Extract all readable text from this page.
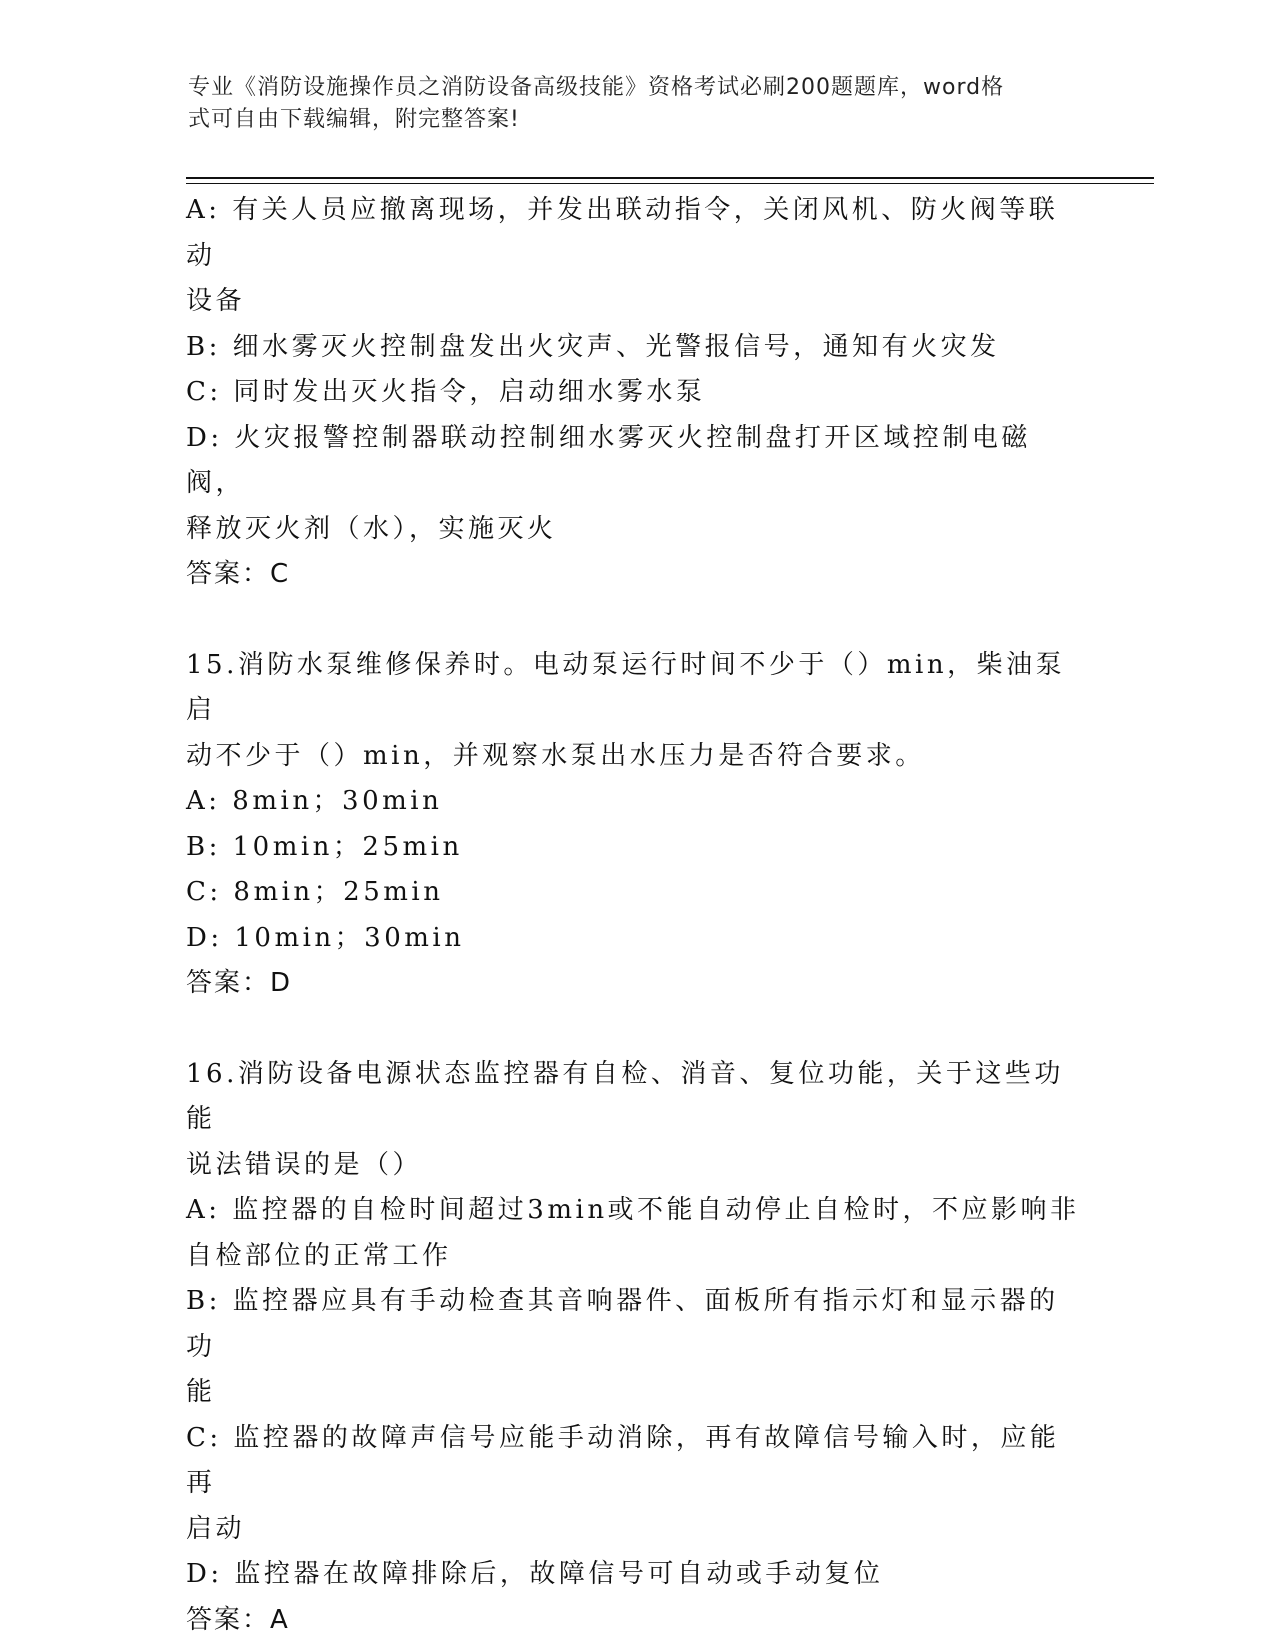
专业《消防设施操作员之消防设备高级技能》资格考试必刷200题题库，word格
式可自由下载编辑，附完整答案!
A: 有关人员应撤离现场，并发出联动指令，关闭风机、防火阀等联动
设备
B: 细水雾灭火控制盘发出火灾声、光警报信号，通知有火灾发
C: 同时发出灭火指令，启动细水雾水泵
D: 火灾报警控制器联动控制细水雾灭火控制盘打开区域控制电磁阀，
释放灭火剂（水），实施灭火
答案：C
15.消防水泵维修保养时。电动泵运行时间不少于（）min，柴油泵启
动不少于（）min，并观察水泵出水压力是否符合要求。
A: 8min；30min
B: 10min；25min
C: 8min；25min
D: 10min；30min
答案：D
16.消防设备电源状态监控器有自检、消音、复位功能，关于这些功能
说法错误的是（）
A: 监控器的自检时间超过3min或不能自动停止自检时，不应影响非
自检部位的正常工作
B: 监控器应具有手动检查其音响器件、面板所有指示灯和显示器的功
能
C: 监控器的故障声信号应能手动消除，再有故障信号输入时，应能再
启动
D: 监控器在故障排除后，故障信号可自动或手动复位
答案：A
